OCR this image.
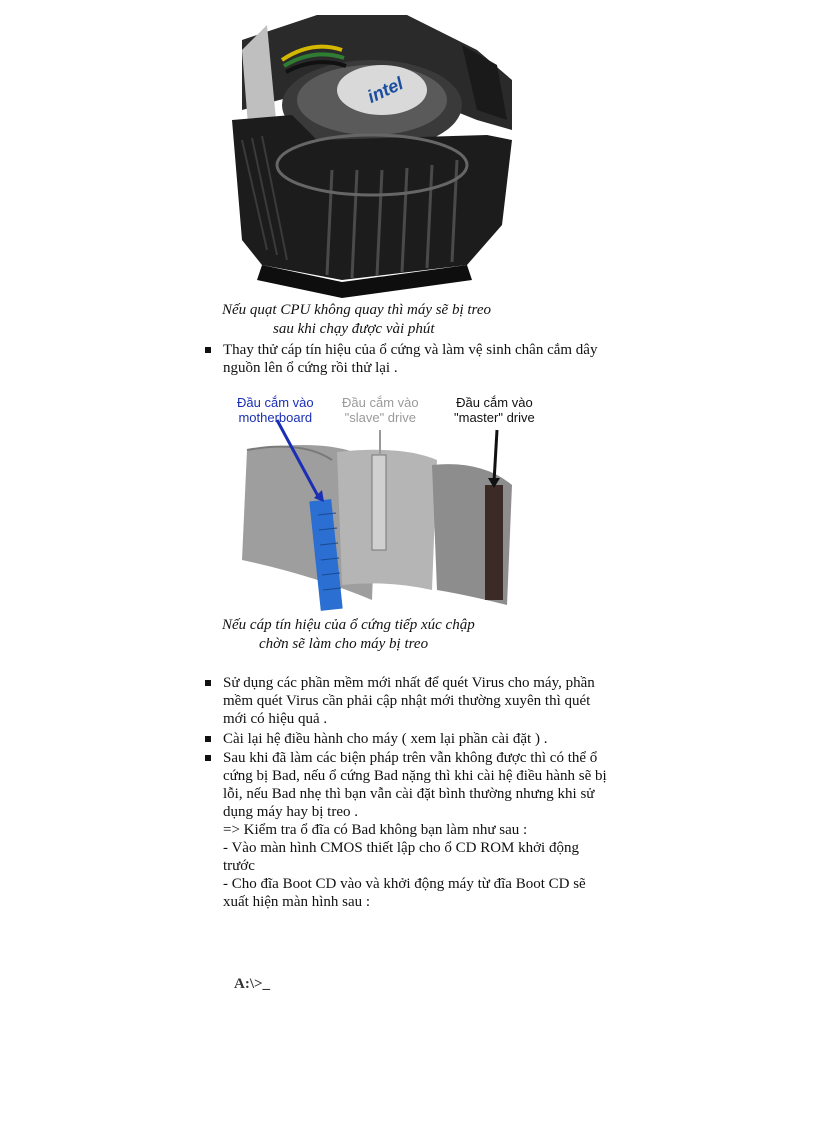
intel
Nếu quạt CPU không quay thì máy sẽ bị treo
sau khi chạy được vài phút
Thay thử cáp tín hiệu của ổ cứng và làm vệ sinh chân cắm dây
nguồn lên ổ cứng rồi thử lại .
Đầu cắm vào
motherboard
Đầu cắm vào
"slave" drive
Đầu cắm vào
"master" drive
Nếu cáp tín hiệu của ổ cứng tiếp xúc chập
chờn sẽ làm cho máy bị treo
Sử dụng các phần mềm mới nhất để quét Virus cho máy, phần
mềm quét Virus cần phải cập nhật mới thường xuyên thì quét
mới có hiệu quả .
Cài lại hệ điều hành cho máy ( xem lại phần cài đặt ) .
Sau khi đã làm các biện pháp trên vẫn không được thì có thể ổ
cứng bị Bad, nếu ổ cứng Bad nặng thì khi cài hệ điều hành sẽ bị
lỗi, nếu Bad nhẹ thì bạn vẫn cài đặt bình thường nhưng khi sử
dụng máy hay bị treo .
=> Kiểm tra ổ đĩa có Bad không bạn làm như sau :
- Vào màn hình CMOS thiết lập cho ổ CD ROM khởi động
trước
- Cho đĩa Boot CD vào và khởi động máy từ đĩa Boot CD sẽ
xuất hiện màn hình sau :
A:\>_
